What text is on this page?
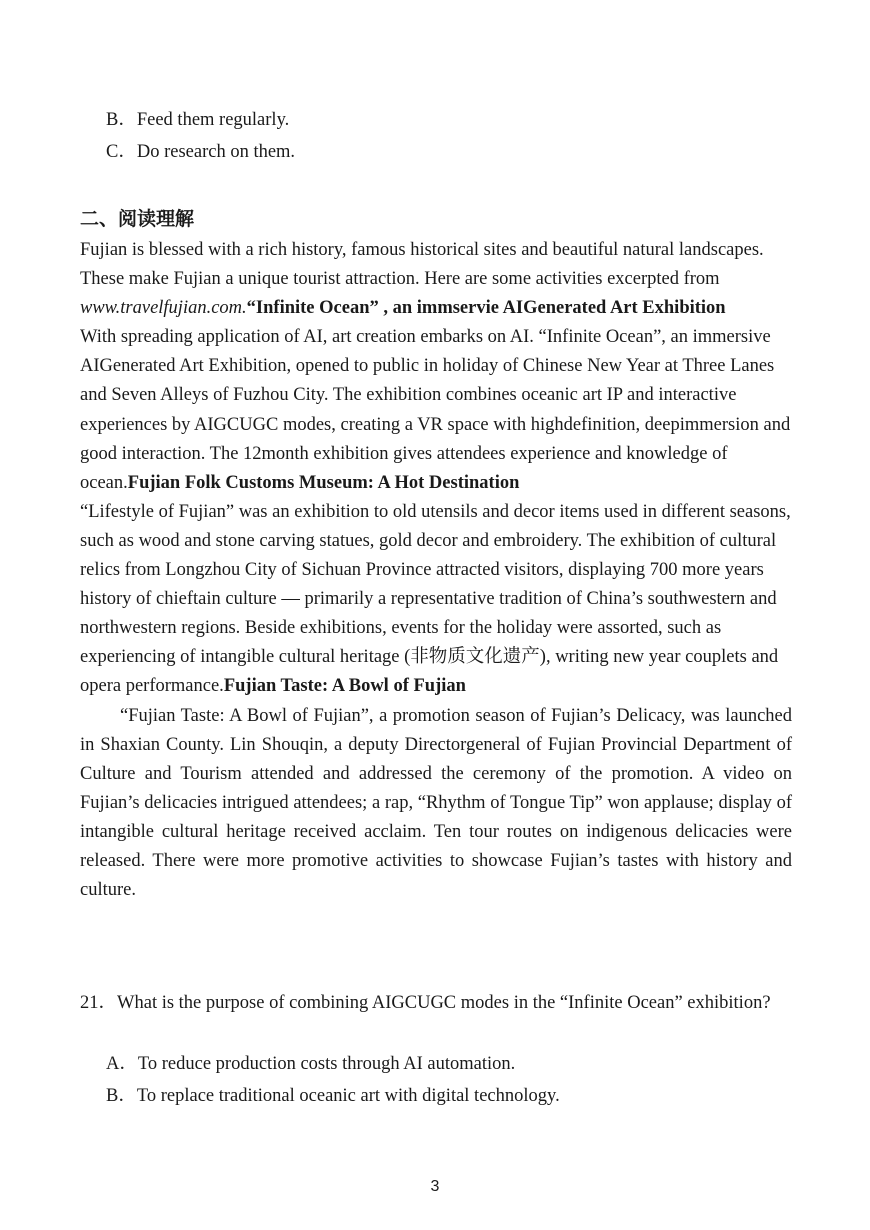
B．Feed them regularly.
C．Do research on them.
二、阅读理解
Fujian is blessed with a rich history, famous historical sites and beautiful natural landscapes. These make Fujian a unique tourist attraction. Here are some activities excerpted from www.travelfujian.com.“Infinite Ocean” , an immservie AIGenerated Art Exhibition
With spreading application of AI, art creation embarks on AI. “Infinite Ocean”, an immersive AIGenerated Art Exhibition, opened to public in holiday of Chinese New Year at Three Lanes and Seven Alleys of Fuzhou City. The exhibition combines oceanic art IP and interactive experiences by AIGCUGC modes, creating a VR space with highdefinition, deepimmersion and good interaction. The 12month exhibition gives attendees experience and knowledge of ocean.Fujian Folk Customs Museum: A Hot Destination
“Lifestyle of Fujian” was an exhibition to old utensils and decor items used in different seasons, such as wood and stone carving statues, gold decor and embroidery. The exhibition of cultural relics from Longzhou City of Sichuan Province attracted visitors, displaying 700 more years history of chieftain culture — primarily a representative tradition of China’s southwestern and northwestern regions. Beside exhibitions, events for the holiday were assorted, such as experiencing of intangible cultural heritage (非物质文化遗产), writing new year couplets and opera performance.Fujian Taste: A Bowl of Fujian
“Fujian Taste: A Bowl of Fujian”, a promotion season of Fujian’s Delicacy, was launched in Shaxian County. Lin Shouqin, a deputy Directorgeneral of Fujian Provincial Department of Culture and Tourism attended and addressed the ceremony of the promotion. A video on Fujian’s delicacies intrigued attendees; a rap, “Rhythm of Tongue Tip” won applause; display of intangible cultural heritage received acclaim. Ten tour routes on indigenous delicacies were released. There were more promotive activities to showcase Fujian’s tastes with history and culture.
21．What is the purpose of combining AIGCUGC modes in the “Infinite Ocean” exhibition?
A．To reduce production costs through AI automation.
B．To replace traditional oceanic art with digital technology.
3
